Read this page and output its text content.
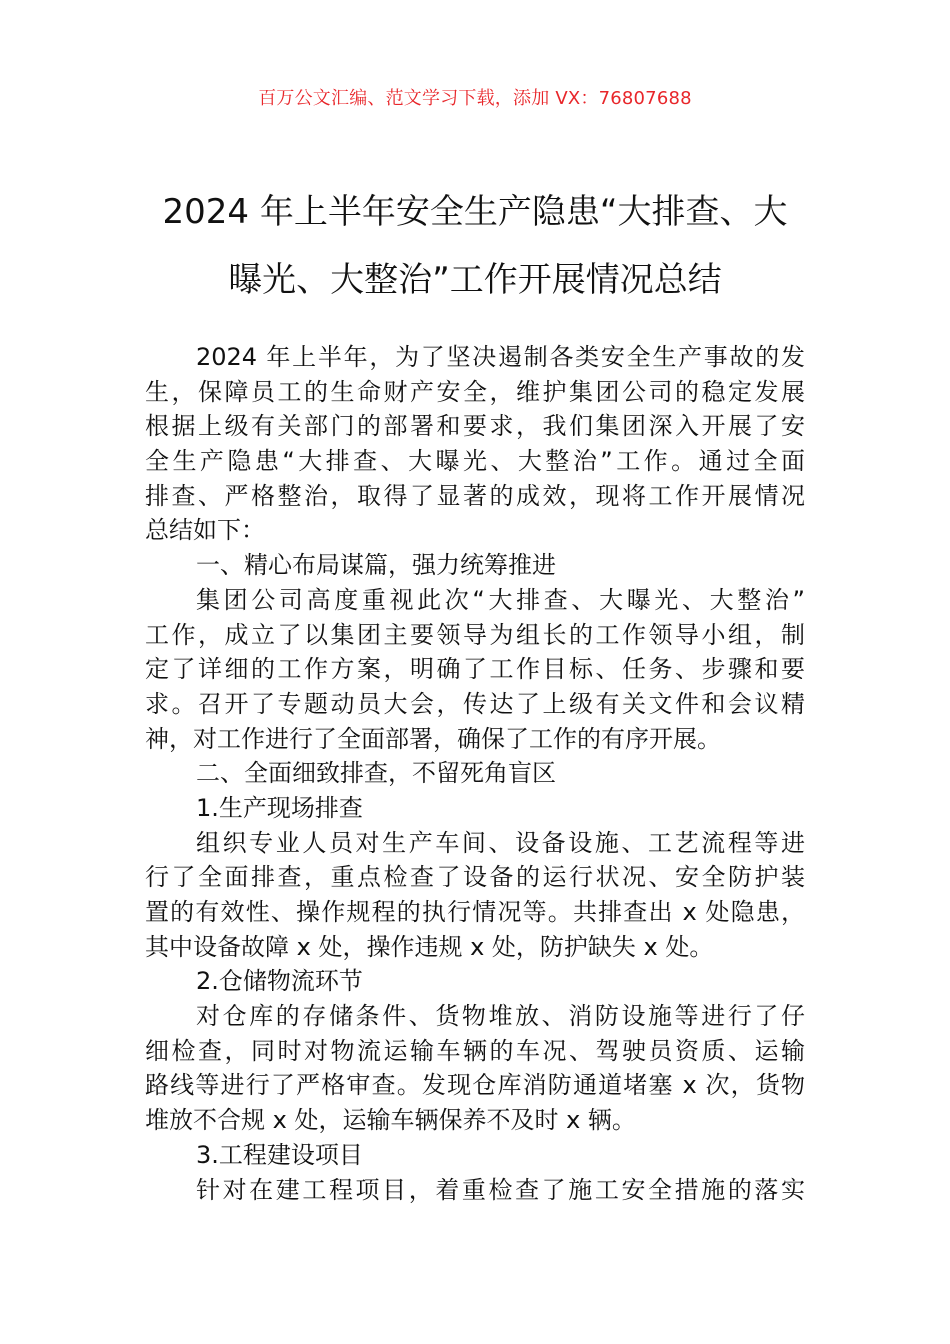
百万公文汇编、范文学习下载，添加 VX：76807688
2024 年上半年安全生产隐患“大排查、大
曝光、大整治”工作开展情况总结
2024 年上半年，为了坚决遏制各类安全生产事故的发
生，保障员工的生命财产安全，维护集团公司的稳定发展
根据上级有关部门的部署和要求，我们集团深入开展了安
全生产隐患“大排查、大曝光、大整治”工作。通过全面
排查、严格整治，取得了显著的成效，现将工作开展情况
总结如下：
一、精心布局谋篇，强力统筹推进
集团公司高度重视此次“大排查、大曝光、大整治”
工作，成立了以集团主要领导为组长的工作领导小组，制
定了详细的工作方案，明确了工作目标、任务、步骤和要
求。召开了专题动员大会，传达了上级有关文件和会议精
神，对工作进行了全面部署，确保了工作的有序开展。
二、全面细致排查，不留死角盲区
1.生产现场排查
组织专业人员对生产车间、设备设施、工艺流程等进
行了全面排查，重点检查了设备的运行状况、安全防护装
置的有效性、操作规程的执行情况等。共排查出 x 处隐患，
其中设备故障 x 处，操作违规 x 处，防护缺失 x 处。
2.仓储物流环节
对仓库的存储条件、货物堆放、消防设施等进行了仔
细检查，同时对物流运输车辆的车况、驾驶员资质、运输
路线等进行了严格审查。发现仓库消防通道堵塞 x 次，货物
堆放不合规 x 处，运输车辆保养不及时 x 辆。
3.工程建设项目
针对在建工程项目，着重检查了施工安全措施的落实
